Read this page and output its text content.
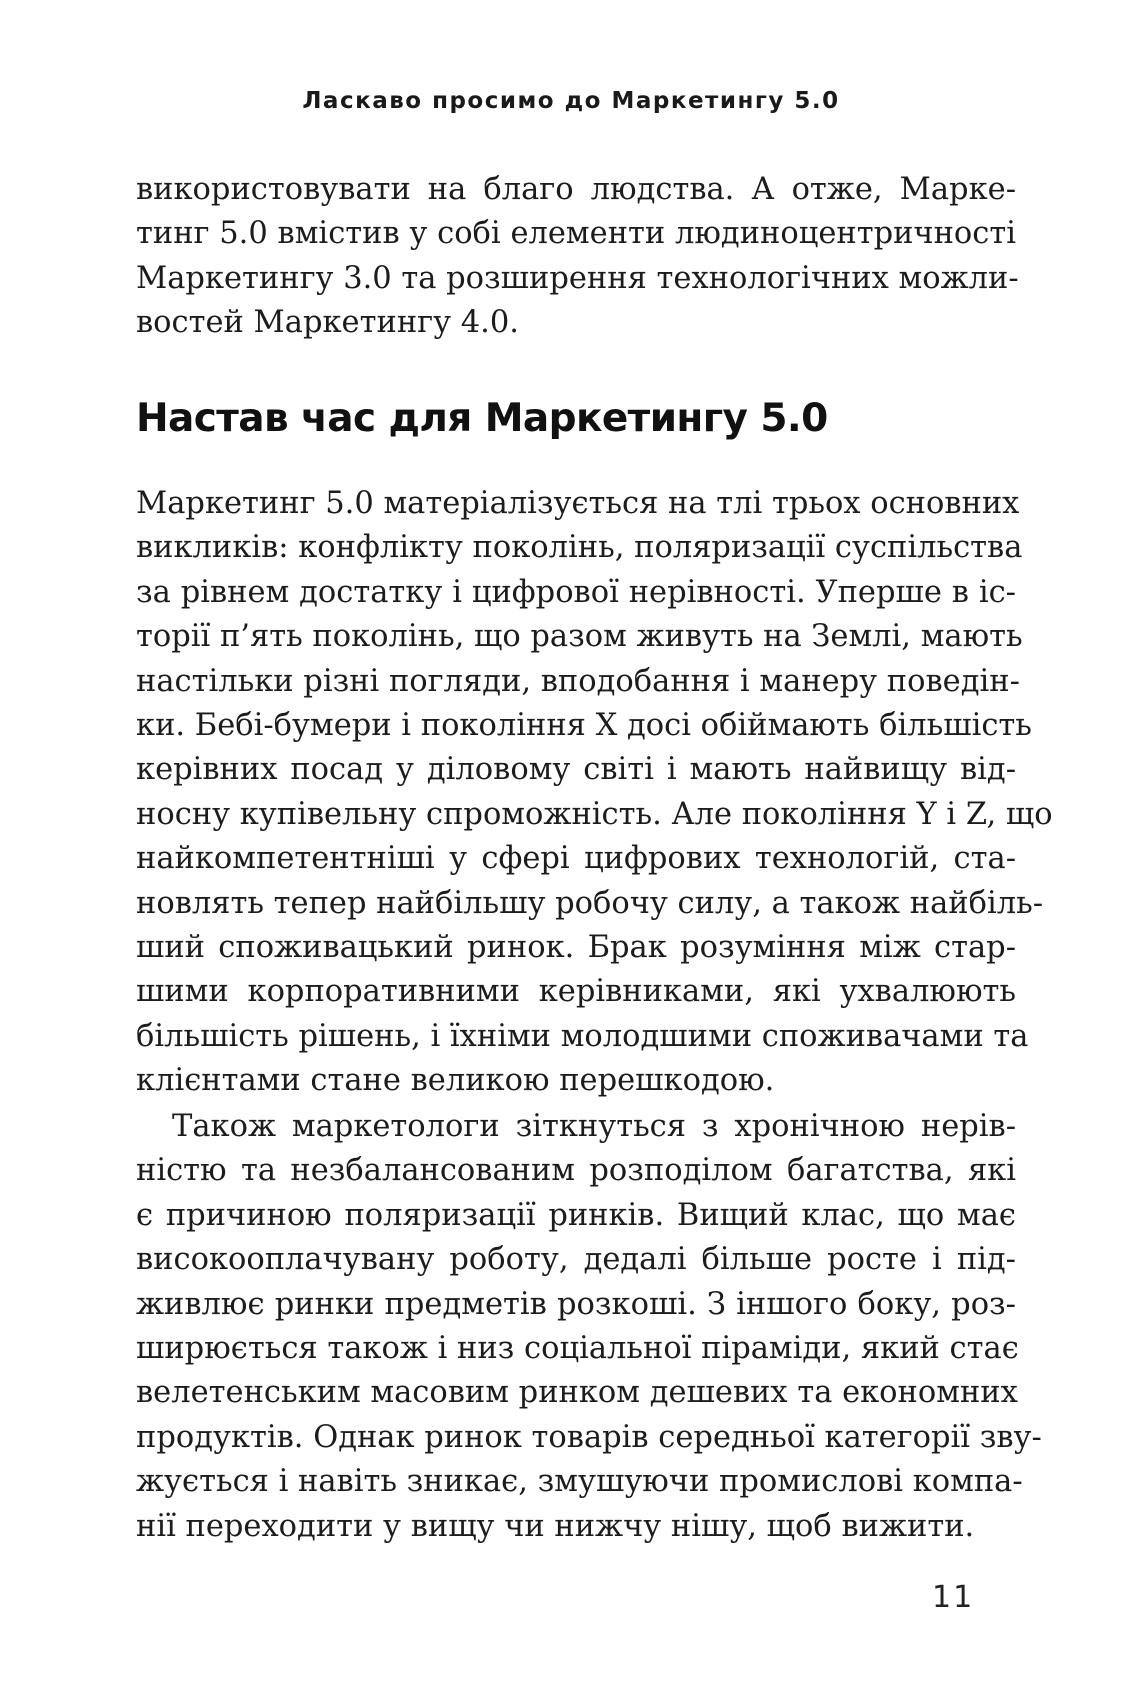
Ласкаво просимо до Маркетингу 5.0
використовувати на благо людства. А отже, Марке-
тинг 5.0 вмістив у собі елементи людиноцентричності
Маркетингу 3.0 та розширення технологічних можли-
востей Маркетингу 4.0.
Настав час для Маркетингу 5.0
Маркетинг 5.0 матеріалізується на тлі трьох основних
викликів: конфлікту поколінь, поляризації суспільства
за рівнем достатку і цифрової нерівності. Уперше в іс-
торії п’ять поколінь, що разом живуть на Землі, мають
настільки різні погляди, вподобання і манеру поведін-
ки. Бебі-бумери і покоління X досі обіймають більшість
керівних посад у діловому світі і мають найвищу від-
носну купівельну спроможність. Але покоління Y і Z, що
найкомпетентніші у сфері цифрових технологій, ста-
новлять тепер найбільшу робочу силу, а також найбіль-
ший споживацький ринок. Брак розуміння між стар-
шими корпоративними керівниками, які ухвалюють
більшість рішень, і їхніми молодшими споживачами та
клієнтами стане великою перешкодою.
Також маркетологи зіткнуться з хронічною нерів-
ністю та незбалансованим розподілом багатства, які
є причиною поляризації ринків. Вищий клас, що має
високооплачувану роботу, дедалі більше росте і під-
живлює ринки предметів розкоші. З іншого боку, роз-
ширюється також і низ соціальної піраміди, який стає
велетенським масовим ринком дешевих та економних
продуктів. Однак ринок товарів середньої категорії зву-
жується і навіть зникає, змушуючи промислові компа-
нії переходити у вищу чи нижчу нішу, щоб вижити.
11
